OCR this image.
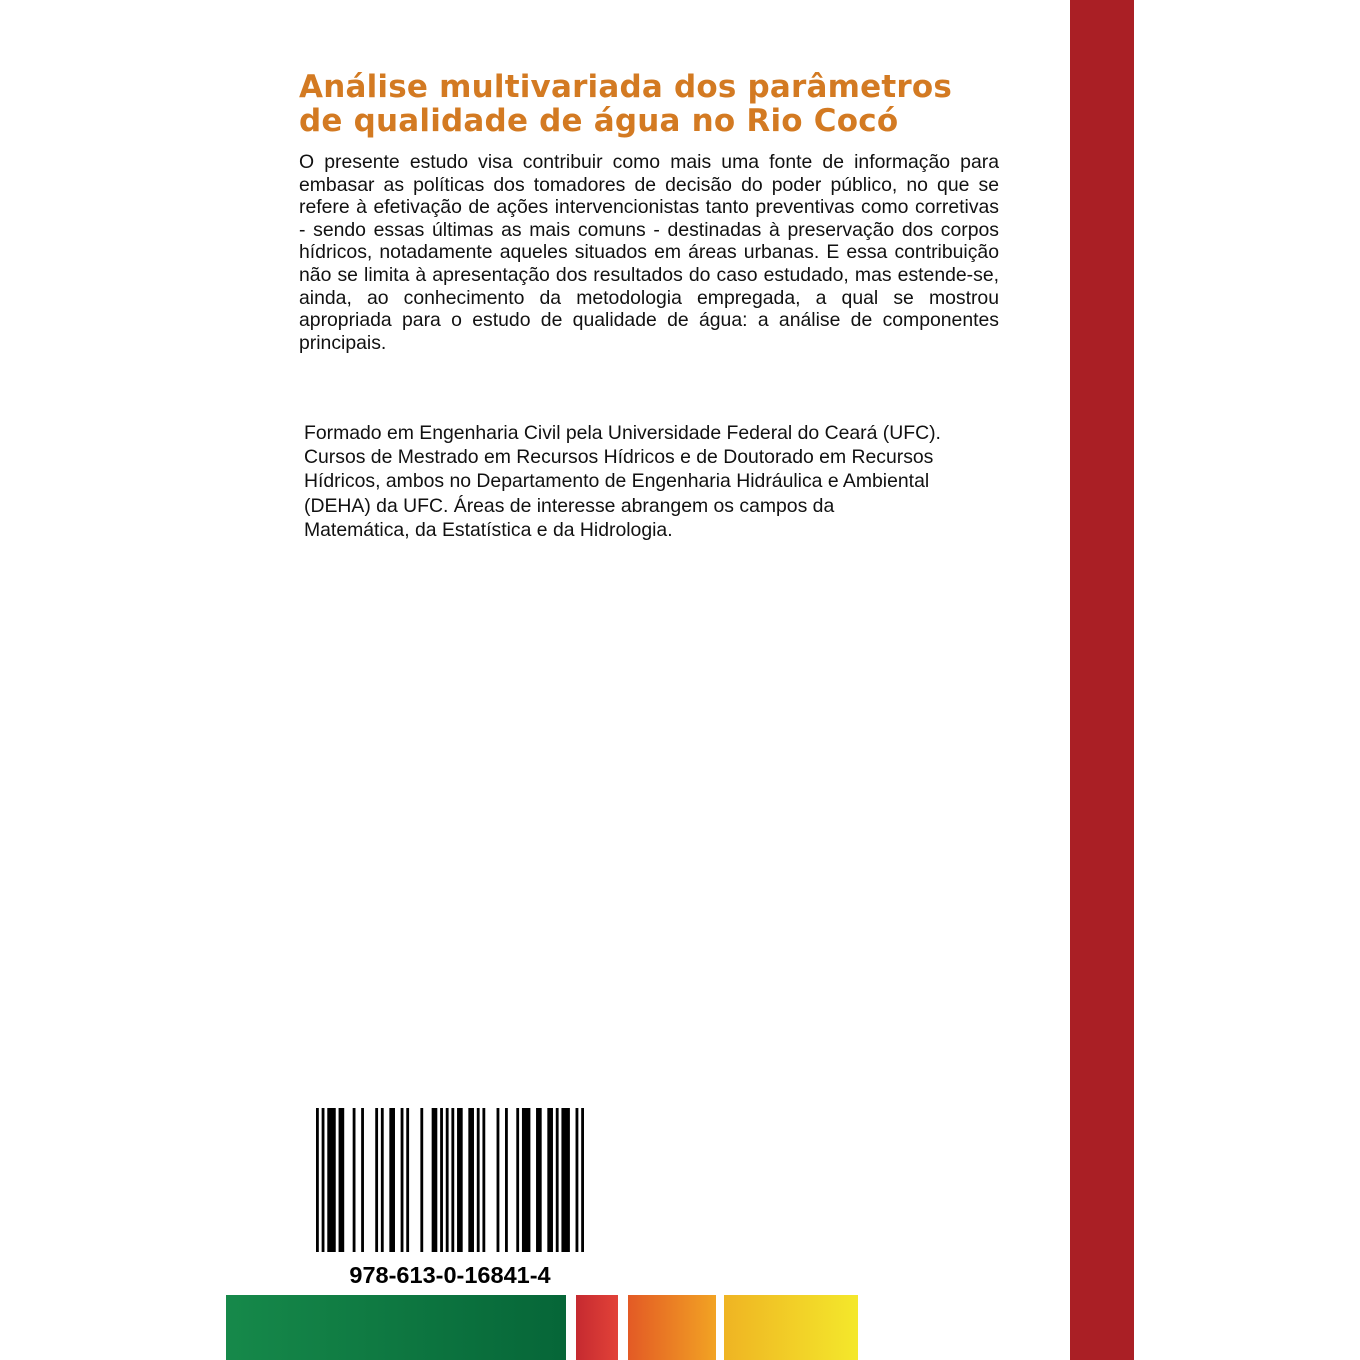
Análise multivariada dos parâmetros
de qualidade de água no Rio Cocó

O presente estudo visa contribuir como mais uma fonte de informação para embasar as políticas dos tomadores de decisão do poder público, no que se refere à efetivação de ações intervencionistas tanto preventivas como corretivas - sendo essas últimas as mais comuns - destinadas à preservação dos corpos hídricos, notadamente aqueles situados em áreas urbanas. E essa contribuição não se limita à apresentação dos resultados do caso estudado, mas estende-se, ainda, ao conhecimento da metodologia empregada, a qual se mostrou apropriada para o estudo de qualidade de água: a análise de componentes principais.

Formado em Engenharia Civil pela Universidade Federal do Ceará (UFC).
Cursos de Mestrado em Recursos Hídricos e de Doutorado em Recursos
Hídricos, ambos no Departamento de Engenharia Hidráulica e Ambiental
(DEHA) da UFC. Áreas de interesse abrangem os campos da
Matemática, da Estatística e da Hidrologia.

978-613-0-16841-4
